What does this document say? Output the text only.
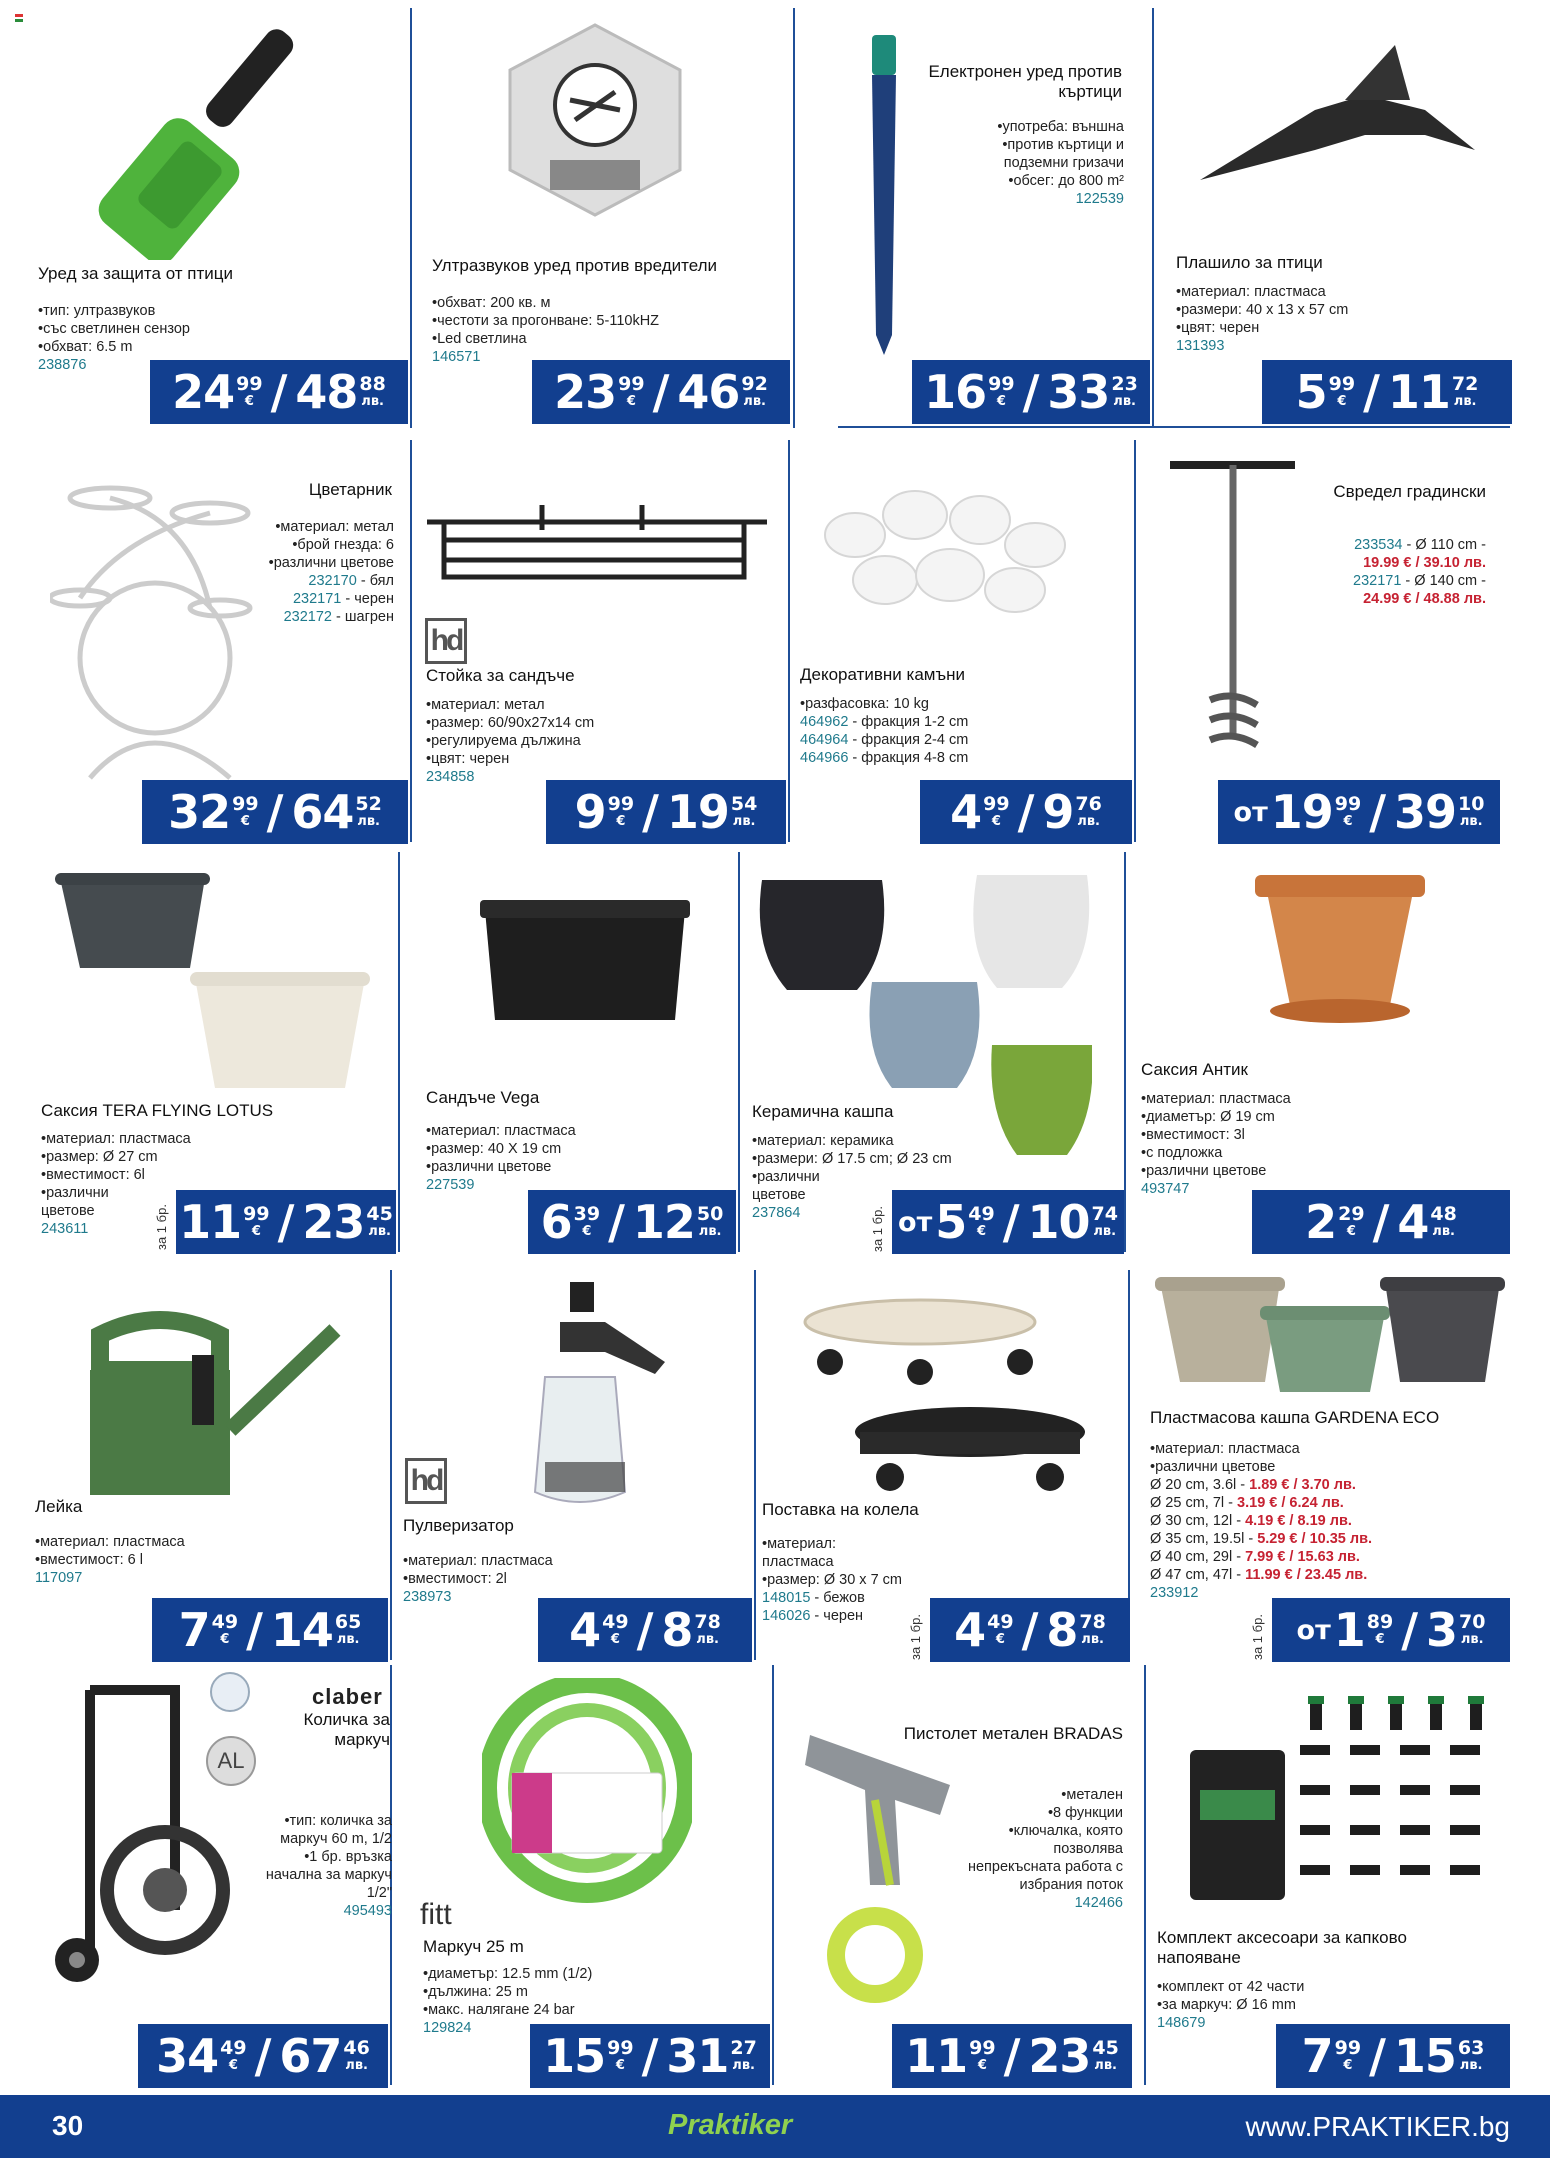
Уред за защита от птици
•тип: ултразвуков
•със светлинен сензор
•обхват: 6.5 m
238876	24 99
€ / 48 88
лв.
Ултразвуков уред против вредители
•обхват: 200 кв. м
•честоти за прогонване: 5-110kHZ
•Led светлина
146571
23 99
€ / 46 92
лв.
Електронен уред против къртици
•употреба: външна
•против къртици и подземни гризачи
•обсег: до 800 m²
122539
16 99
€ / 33 23
лв.
Плашило за птици
•материал: пластмаса
•размери: 40 х 13 х 57 cm
•цвят: черен
131393
5 99
€ / 11 72
лв.
Цветарник
•материал: метал
•брой гнезда: 6
•различни цветове
232170 - бял
232171 - черен
232172 - шагрен
32 99
€ / 64 52
лв.
hd
Стойка за сандъче
•материал: метал
•размер: 60/90x27x14 cm
•регулируема дължина
•цвят: черен
234858
9 99
€ / 19 54
лв.
Декоративни камъни
•разфасовка: 10 kg
464962 - фракция 1-2 cm
464964 - фракция 2-4 cm
464966 - фракция 4-8 cm
4 99
€ / 9 76
лв.
Свредел градински
233534 - Ø 110 cm -
19.99 € / 39.10 лв.
232171 - Ø 140 cm -
24.99 € / 48.88 лв.
от 19 99
€ / 39 10
лв.
Саксия TERA FLYING LOTUS
•материал: пластмаса
•размер: Ø 27 cm
•вместимост: 6l
•различни цветове
243611	за 1 бр. 11 99
€ / 23 45
лв.
Сандъче Vega
•материал: пластмаса
•размер: 40 X 19 cm
•различни цветове
227539
6 39
€ / 12 50
лв.
Керамична кашпа
•материал: керамика
•размери: Ø 17.5 cm; Ø 23 cm
•различни цветове
237864	за 1 бр. от 5 49
€ / 10 74
лв.
Саксия Антик
•материал: пластмаса
•диаметър: Ø 19 cm
•вместимост: 3l
•с подложка
•различни цветове
493747
2 29
€ / 4 48
лв.
Лейка
•материал: пластмаса
•вместимост: 6 l
117097
7 49
€ / 14 65
лв.
hd
Пулверизатор
•материал: пластмаса
•вместимост: 2l
238973
4 49
€ / 8 78
лв.
Поставка на колела
•материал: пластмаса
•размер: Ø 30 x 7 cm
148015 - бежов
146026 - черен	за 1 бр. 4 49
€ / 8 78
лв.
Пластмасова кашпа GARDENA ECO
•материал: пластмаса
•различни цветове
Ø 20 cm, 3.6l - 1.89 € / 3.70 лв.
Ø 25 cm, 7l - 3.19 € / 6.24 лв.
Ø 30 cm, 12l - 4.19 € / 8.19 лв.
Ø 35 cm, 19.5l - 5.29 € / 10.35 лв.
Ø 40 cm, 29l - 7.99 € / 15.63 лв.
Ø 47 cm, 47l - 11.99 € / 23.45 лв.
233912
за 1 бр. от 1 89
€ / 3 70
лв.
AL
claber
Количка за маркуч
•тип: количка за маркуч 60 m, 1/2
•1 бр. връзка начална за маркуч 1/2"
495493
34 49
€ / 67 46
лв.
fitt
Маркуч 25 m
•диаметър: 12.5 mm (1/2)
•дължина: 25 m
•макс. налягане 24 bar
129824
15 99
€ / 31 27
лв.
Пистолет метален BRADAS
•метален
•8 функции
•ключалка, която позволява непрекъсната работа с избрания поток
142466
11 99
€ / 23 45
лв.
Комплект аксесоари за капково напояване
•комплект от 42 части
•за маркуч: Ø 16 mm
148679
7 99
€ / 15 63
лв.
30	Praktiker	www.PRAKTIKER.bg
